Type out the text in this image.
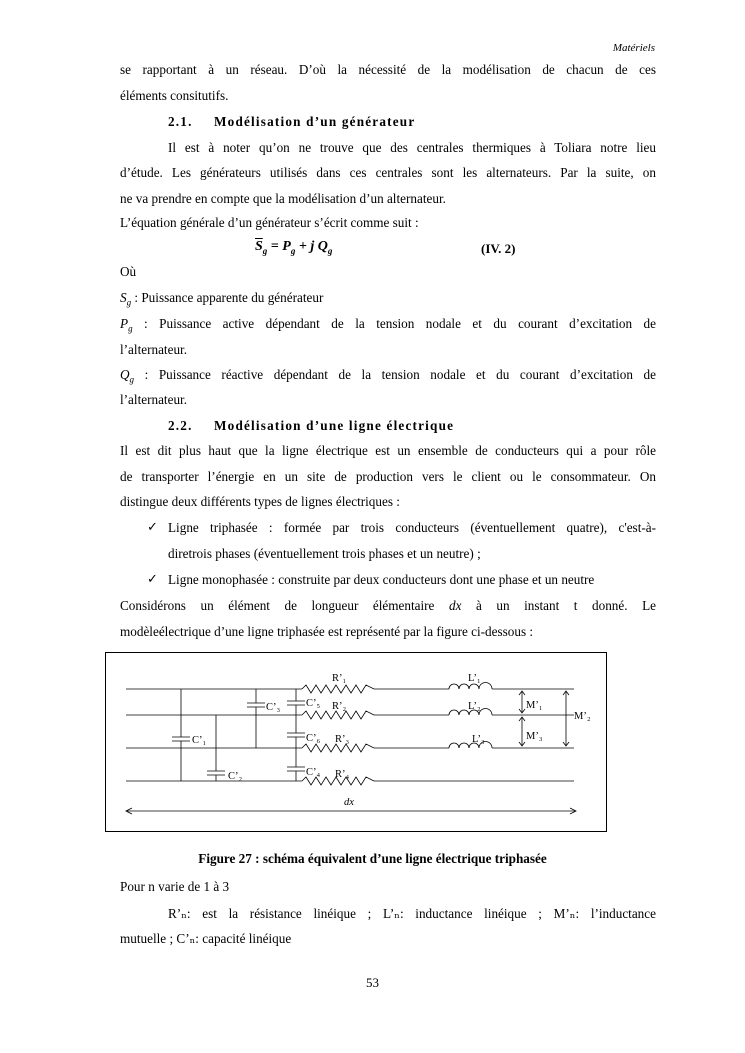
Matériels
se rapportant à un réseau. D’où la nécessité de la modélisation de chacun de ces
éléments consitutifs.
2.1. Modélisation d’un générateur
Il est à noter qu’on ne trouve que des centrales thermiques à Toliara notre lieu
d’étude. Les générateurs utilisés dans ces centrales sont les alternateurs. Par la suite, on
ne va prendre en compte que la modélisation d’un alternateur.
L’équation générale d’un générateur s’écrit comme suit :
$\overline{S}_g = P_g + j$ $Q_g$	(IV. 2)
Où
$S_g$ : Puissance apparente du générateur
$P_g$ : Puissance active dépendant de la tension nodale et du courant d’excitation de
l’alternateur.
$Q_g$ : Puissance réactive dépendant de la tension nodale et du courant d’excitation de
l’alternateur.
2.2. Modélisation d’une ligne électrique
Il est dit plus haut que la ligne électrique est un ensemble de conducteurs qui a pour rôle
de transporter l’énergie en un site de production vers le client ou le consommateur. On
distingue deux différents types de lignes électriques :
✓ Ligne triphasée : formée par trois conducteurs (éventuellement quatre), c'est-à-
diretrois phases (éventuellement trois phases et un neutre) ;
✓ Ligne monophasée : construite par deux conducteurs dont une phase et un neutre
Considérons un élément de longueur élémentaire dx à un instant t donné. Le
modèleélectrique d’une ligne triphasée est représenté par la figure ci-dessous :
R’₁
R’₂
R’₃
R’₄
L’₁
L’₂
L’₃
M’₁
M’₂
M’₃
C’₁
C’₂
C’₃
C’₄
C’₅
C’₆
dx
Figure 27 : schéma équivalent d’une ligne électrique triphasée
Pour n varie de 1 à 3
R’ₙ: est la résistance linéique ; L’ₙ: inductance linéique ; M’ₙ: l’inductance
mutuelle ; C’ₙ: capacité linéique
53
